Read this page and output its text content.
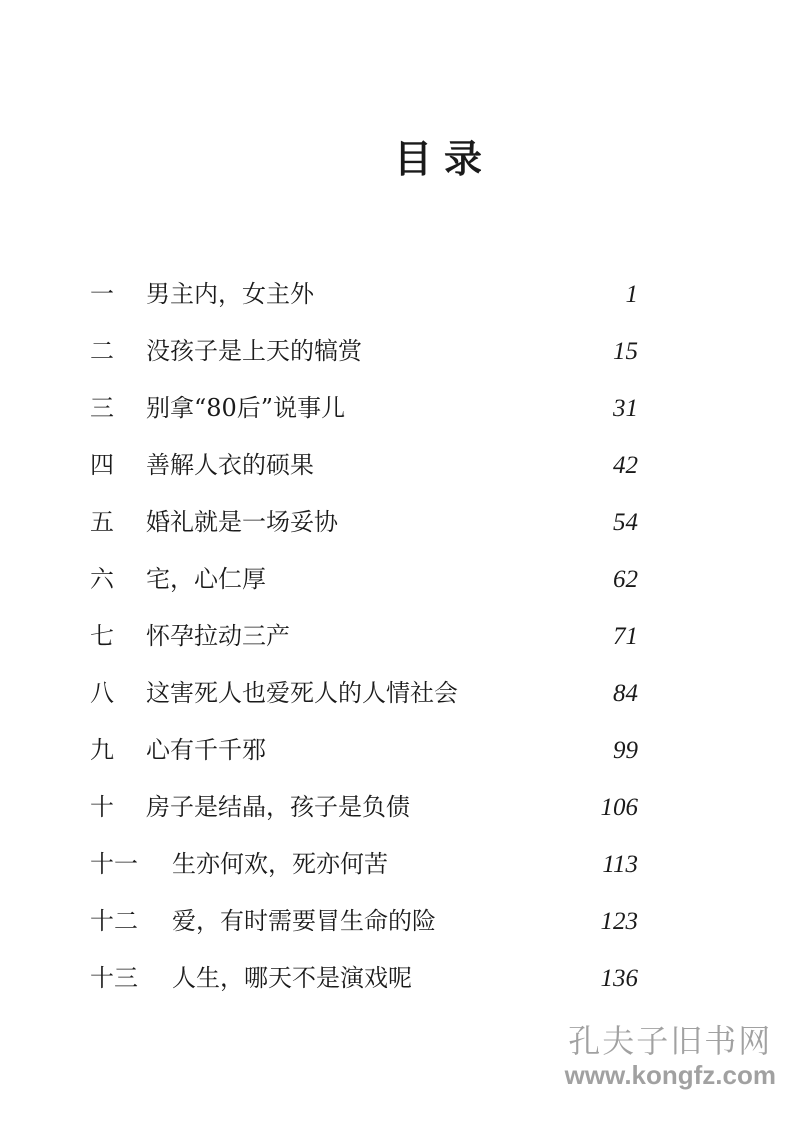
目录
一 男主内，女主外	1
二 没孩子是上天的犒赏	15
三 别拿“80后”说事儿	31
四 善解人衣的硕果	42
五 婚礼就是一场妥协	54
六 宅，心仁厚	62
七 怀孕拉动三产	71
八 这害死人也爱死人的人情社会	84
九 心有千千邪	99
十 房子是结晶，孩子是负债	106
十一 生亦何欢，死亦何苦	113
十二 爱，有时需要冒生命的险	123
十三 人生，哪天不是演戏呢	136
孔夫子旧书网
www.kongfz.com
